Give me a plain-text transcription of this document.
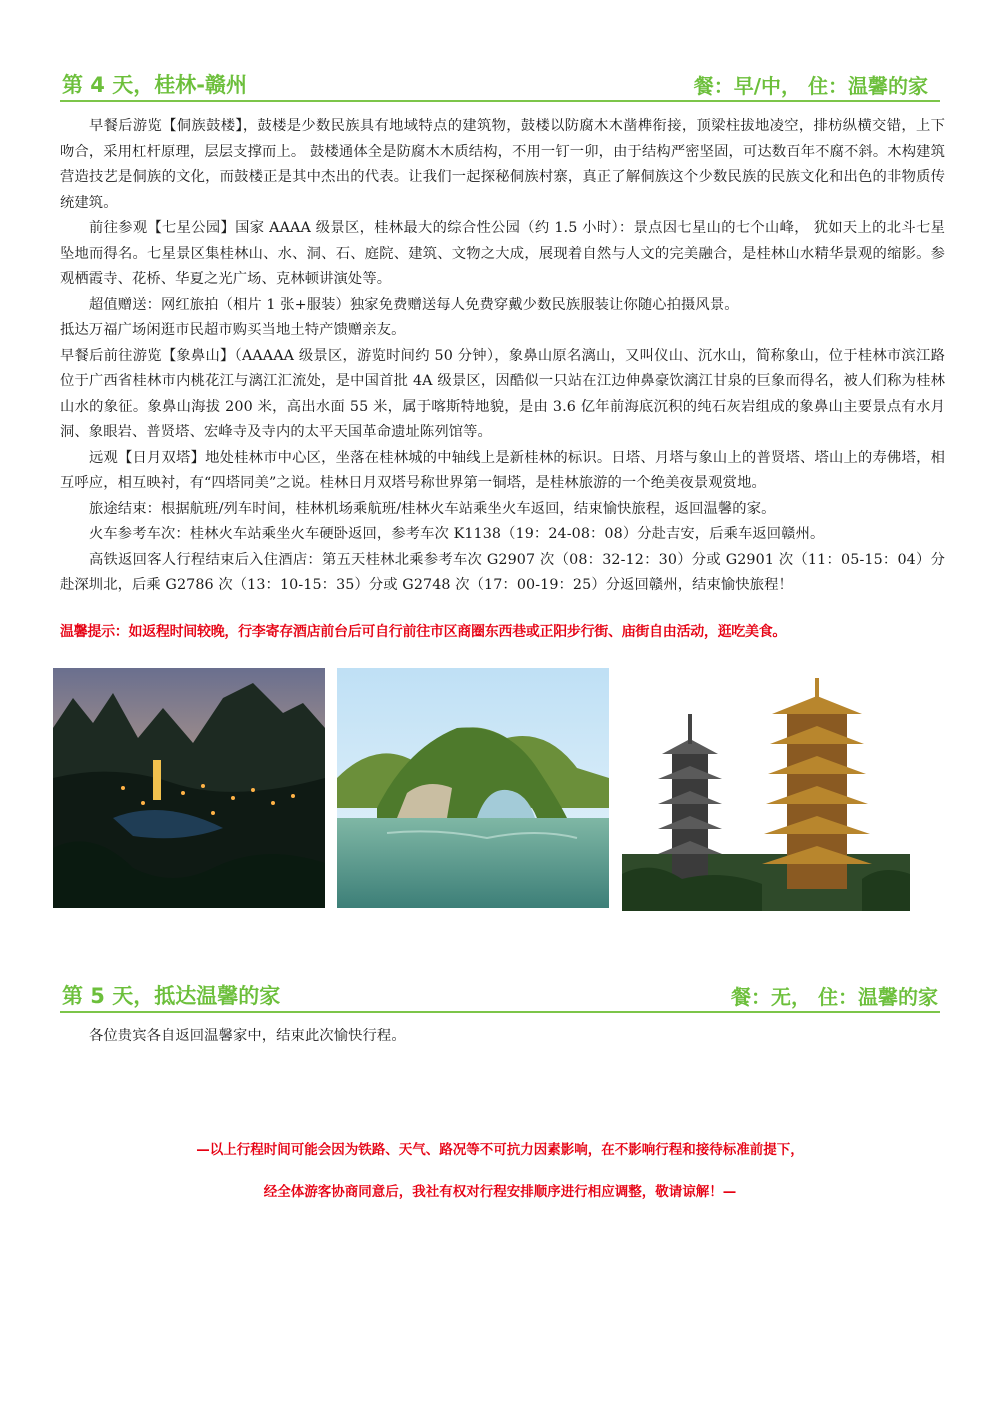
第 4 天，桂林-赣州	餐：早/中， 住：温馨的家

早餐后游览【侗族鼓楼】，鼓楼是少数民族具有地域特点的建筑物，鼓楼以防腐木木凿榫衔接，顶梁柱拔地凌空，排枋纵横交错，上下吻合，采用杠杆原理，层层支撑而上。 鼓楼通体全是防腐木木质结构，不用一钉一卯，由于结构严密坚固，可达数百年不腐不斜。木构建筑营造技艺是侗族的文化，而鼓楼正是其中杰出的代表。让我们一起探秘侗族村寨，真正了解侗族这个少数民族的民族文化和出色的非物质传统建筑。

前往参观【七星公园】国家 AAAA 级景区，桂林最大的综合性公园（约 1.5 小时）：景点因七星山的七个山峰， 犹如天上的北斗七星坠地而得名。七星景区集桂林山、水、洞、石、庭院、建筑、文物之大成，展现着自然与人文的完美融合，是桂林山水精华景观的缩影。参观栖霞寺、花桥、华夏之光广场、克林顿讲演处等。

超值赠送：网红旅拍（相片 1 张+服装）独家免费赠送每人免费穿戴少数民族服装让你随心拍摄风景。

抵达万福广场闲逛市民超市购买当地土特产馈赠亲友。

早餐后前往游览【象鼻山】（AAAAA 级景区，游览时间约 50 分钟），象鼻山原名漓山，又叫仪山、沉水山，简称象山，位于桂林市滨江路位于广西省桂林市内桃花江与漓江汇流处，是中国首批 4A 级景区，因酷似一只站在江边伸鼻豪饮漓江甘泉的巨象而得名，被人们称为桂林山水的象征。象鼻山海拔 200 米，高出水面 55 米，属于喀斯特地貌，是由 3.6 亿年前海底沉积的纯石灰岩组成的象鼻山主要景点有水月洞、象眼岩、普贤塔、宏峰寺及寺内的太平天国革命遗址陈列馆等。

远观【日月双塔】地处桂林市中心区，坐落在桂林城的中轴线上是新桂林的标识。日塔、月塔与象山上的普贤塔、塔山上的寿佛塔，相互呼应，相互映衬，有“四塔同美”之说。桂林日月双塔号称世界第一铜塔，是桂林旅游的一个绝美夜景观赏地。

旅途结束：根据航班/列车时间，桂林机场乘航班/桂林火车站乘坐火车返回，结束愉快旅程，返回温馨的家。

火车参考车次：桂林火车站乘坐火车硬卧返回，参考车次 K1138（19：24-08：08）分赴吉安，后乘车返回赣州。

高铁返回客人行程结束后入住酒店：第五天桂林北乘参考车次 G2907 次（08：32-12：30）分或 G2901 次（11：05-15：04）分赴深圳北，后乘 G2786 次（13：10-15：35）分或 G2748 次（17：00-19：25）分返回赣州，结束愉快旅程！

温馨提示：如返程时间较晚，行李寄存酒店前台后可自行前往市区商圈东西巷或正阳步行街、庙街自由活动，逛吃美食。
第 5 天，抵达温馨的家	餐：无， 住：温馨的家

各位贵宾各自返回温馨家中，结束此次愉快行程。

—以上行程时间可能会因为铁路、天气、路况等不可抗力因素影响，在不影响行程和接待标准前提下，
经全体游客协商同意后，我社有权对行程安排顺序进行相应调整，敬请谅解！—
